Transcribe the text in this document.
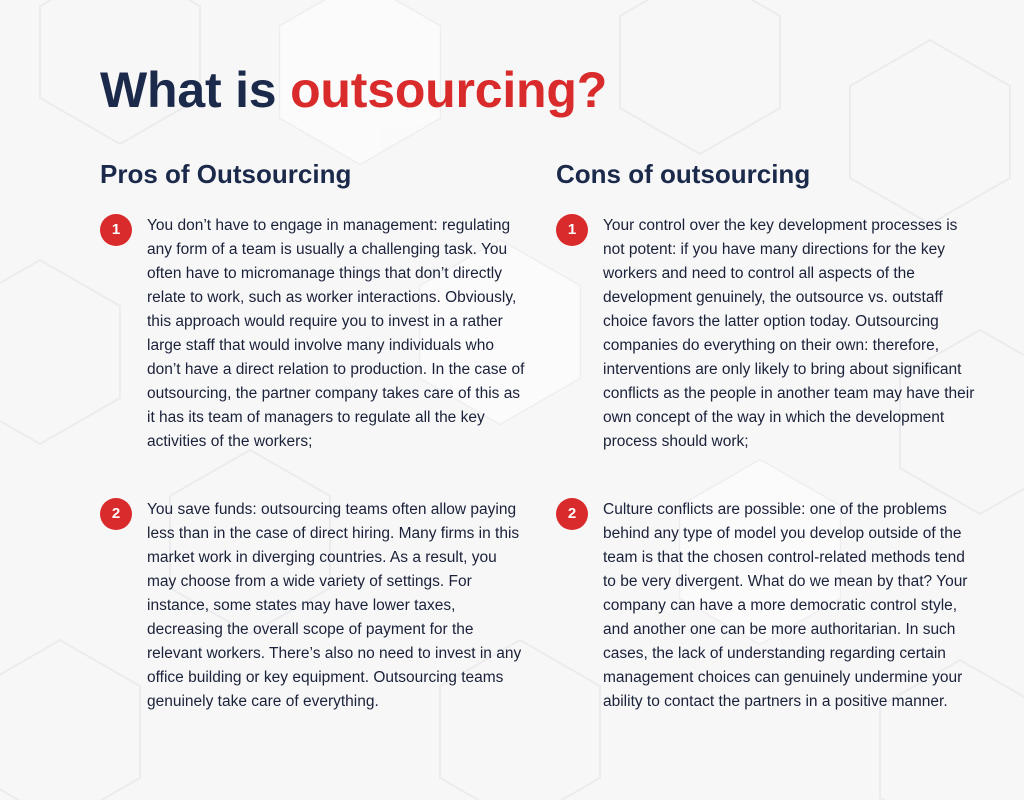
What is outsourcing?
Pros of Outsourcing
1	You don’t have to engage in management: regulating any form of a team is usually a challenging task. You often have to micromanage things that don’t directly relate to work, such as worker interactions. Obviously, this approach would require you to invest in a rather large staff that would involve many individuals who don’t have a direct relation to production. In the case of outsourcing, the partner company takes care of this as it has its team of managers to regulate all the key activities of the workers;

2	You save funds: outsourcing teams often allow paying less than in the case of direct hiring. Many firms in this market work in diverging countries. As a result, you may choose from a wide variety of settings. For instance, some states may have lower taxes, decreasing the overall scope of payment for the relevant workers. There’s also no need to invest in any office building or key equipment. Outsourcing teams genuinely take care of everything.

Cons of outsourcing
1	Your control over the key development processes is not potent: if you have many directions for the key workers and need to control all aspects of the development genuinely, the outsource vs. outstaff choice favors the latter option today. Outsourcing companies do everything on their own: therefore, interventions are only likely to bring about significant conflicts as the people in another team may have their own concept of the way in which the development process should work;

2	Culture conflicts are possible: one of the problems behind any type of model you develop outside of the team is that the chosen control-related methods tend to be very divergent. What do we mean by that? Your company can have a more democratic control style, and another one can be more authoritarian. In such cases, the lack of understanding regarding certain management choices can genuinely undermine your ability to contact the partners in a positive manner.
